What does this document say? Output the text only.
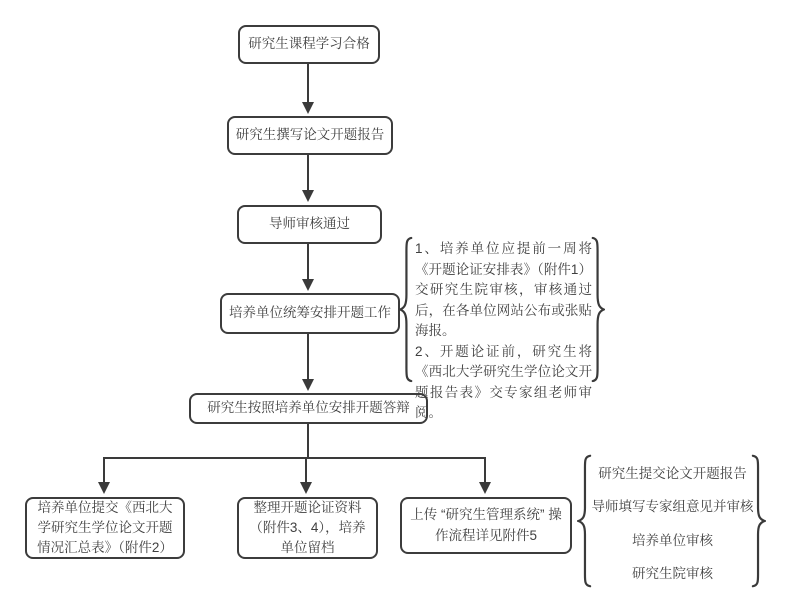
研究生课程学习合格
研究生撰写论文开题报告
导师审核通过
培养单位统筹安排开题工作
研究生按照培养单位安排开题答辩
培养单位提交《西北大学研究生学位论文开题情况汇总表》（附件2）
整理开题论证资料（附件3、4），培养单位留档
上传 “研究生管理系统” 操作流程详见附件5

1、培养单位应提前一周将《开题论证安排表》（附件1）交研究生院审核，审核通过后，在各单位网站公布或张贴海报。

2、开题论证前，研究生将《西北大学研究生学位论文开题报告表》交专家组老师审阅。

研究生提交论文开题报告
导师填写专家组意见并审核
培养单位审核
研究生院审核
